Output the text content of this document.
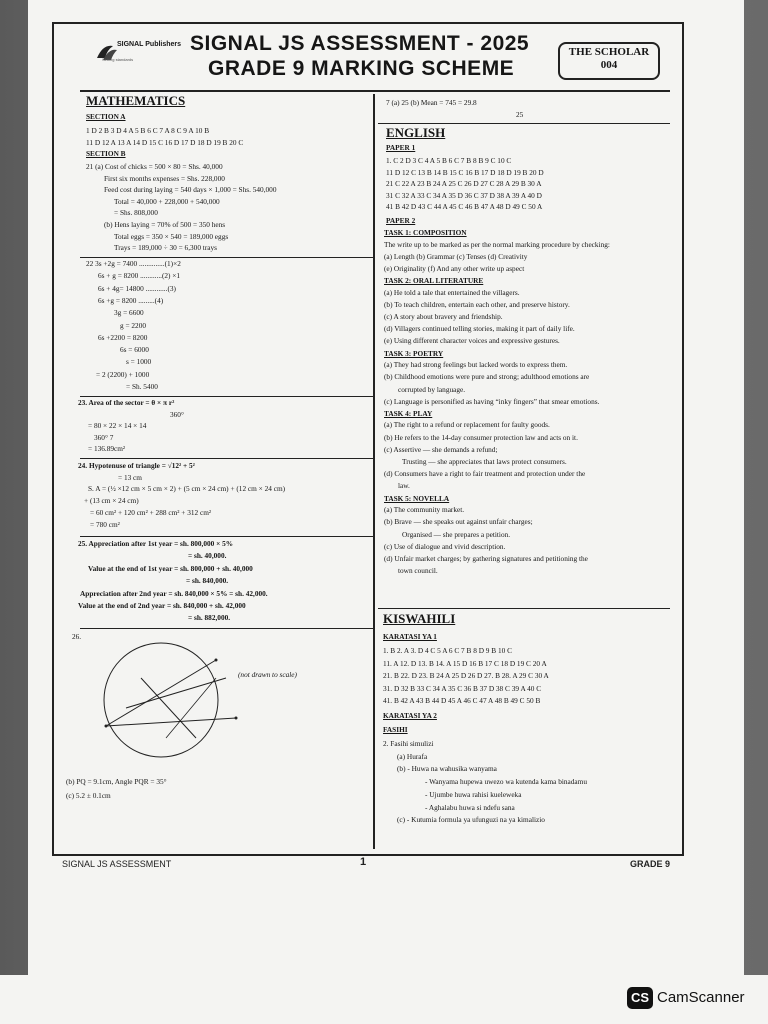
SIGNAL Publishers
Setting standards
SIGNAL JS ASSESSMENT - 2025
GRADE 9 MARKING SCHEME
THE SCHOLAR
004
MATHEMATICS
SECTION A
1 D 2 B 3 D 4 A 5 B 6 C 7 A 8 C 9 A 10 B
11 D 12 A 13 A 14 D 15 C 16 D 17 D 18 D 19 B 20 C
SECTION B
21 (a) Cost of chicks = 500 × 80 = Shs. 40,000
First six months expenses = Shs. 228,000
Feed cost during laying = 540 days × 1,000 = Shs. 540,000
Total = 40,000 + 228,000 + 540,000
= Shs. 808,000
(b) Hens laying = 70% of 500 = 350 hens
Total eggs = 350 × 540 = 189,000 eggs
Trays = 189,000 ÷ 30 = 6,300 trays
22 3s +2g = 7400 ..............(1)×2
6s + g = 8200 ............(2) ×1
6s + 4g= 14800 ............(3)
6s +g = 8200 .........(4)
3g = 6600
g = 2200
6s +2200 = 8200
6s = 6000
s = 1000
= 2 (2200) + 1000
= Sh. 5400
23. Area of the sector = θ × π r²
360°
= 80 × 22 × 14 × 14
360° 7
= 136.89cm²
24. Hypotenuse of triangle = √12² + 5²
= 13 cm
S. A = (½ ×12 cm × 5 cm × 2) + (5 cm × 24 cm) + (12 cm × 24 cm)
+ (13 cm × 24 cm)
= 60 cm² + 120 cm² + 288 cm² + 312 cm²
= 780 cm²
25. Appreciation after 1st year = sh. 800,000 × 5%
= sh. 40,000.
Value at the end of 1st year = sh. 800,000 + sh. 40,000
= sh. 840,000.
Appreciation after 2nd year = sh. 840,000 × 5% = sh. 42,000.
Value at the end of 2nd year = sh. 840,000 + sh. 42,000
= sh. 882,000.
26.
(not drawn to scale)
(b) PQ = 9.1cm, Angle PQR = 35°
(c) 5.2 ± 0.1cm
7 (a) 25 (b) Mean = 745 = 29.8
25
ENGLISH
PAPER 1
1. C 2 D 3 C 4 A 5 B 6 C 7 B 8 B 9 C 10 C
11 D 12 C 13 B 14 B 15 C 16 B 17 D 18 D 19 B 20 D
21 C 22 A 23 B 24 A 25 C 26 D 27 C 28 A 29 B 30 A
31 C 32 A 33 C 34 A 35 D 36 C 37 D 38 A 39 A 40 D
41 B 42 D 43 C 44 A 45 C 46 B 47 A 48 D 49 C 50 A
PAPER 2
TASK 1: COMPOSITION
The write up to be marked as per the normal marking procedure by checking:
(a) Length (b) Grammar (c) Tenses (d) Creativity
(e) Originality (f) And any other write up aspect
TASK 2: ORAL LITERATURE
(a) He told a tale that entertained the villagers.
(b) To teach children, entertain each other, and preserve history.
(c) A story about bravery and friendship.
(d) Villagers continued telling stories, making it part of daily life.
(e) Using different character voices and expressive gestures.
TASK 3: POETRY
(a) They had strong feelings but lacked words to express them.
(b) Childhood emotions were pure and strong; adulthood emotions are
corrupted by language.
(c) Language is personified as having “inky fingers” that smear emotions.
TASK 4: PLAY
(a) The right to a refund or replacement for faulty goods.
(b) He refers to the 14-day consumer protection law and acts on it.
(c) Assertive — she demands a refund;
Trusting — she appreciates that laws protect consumers.
(d) Consumers have a right to fair treatment and protection under the
law.
TASK 5: NOVELLA
(a) The community market.
(b) Brave — she speaks out against unfair charges;
Organised — she prepares a petition.
(c) Use of dialogue and vivid description.
(d) Unfair market charges; by gathering signatures and petitioning the
town council.
KISWAHILI
KARATASI YA 1
1. B 2. A 3. D 4 C 5 A 6 C 7 B 8 D 9 B 10 C
11. A 12. D 13. B 14. A 15 D 16 B 17 C 18 D 19 C 20 A
21. B 22. D 23. B 24 A 25 D 26 D 27. B 28. A 29 C 30 A
31. D 32 B 33 C 34 A 35 C 36 B 37 D 38 C 39 A 40 C
41. B 42 A 43 B 44 D 45 A 46 C 47 A 48 B 49 C 50 B
KARATASI YA 2
FASIHI
2. Fasihi simulizi
(a) Hurafa
(b) - Huwa na wahusika wanyama
- Wanyama hupewa uwezo wa kutenda kama binadamu
- Ujumbe huwa rahisi kueleweka
- Aghalabu huwa si ndefu sana
(c) - Kutumia formula ya ufunguzi na ya kimalizio
SIGNAL JS ASSESSMENT	1	GRADE 9
CS CamScanner
